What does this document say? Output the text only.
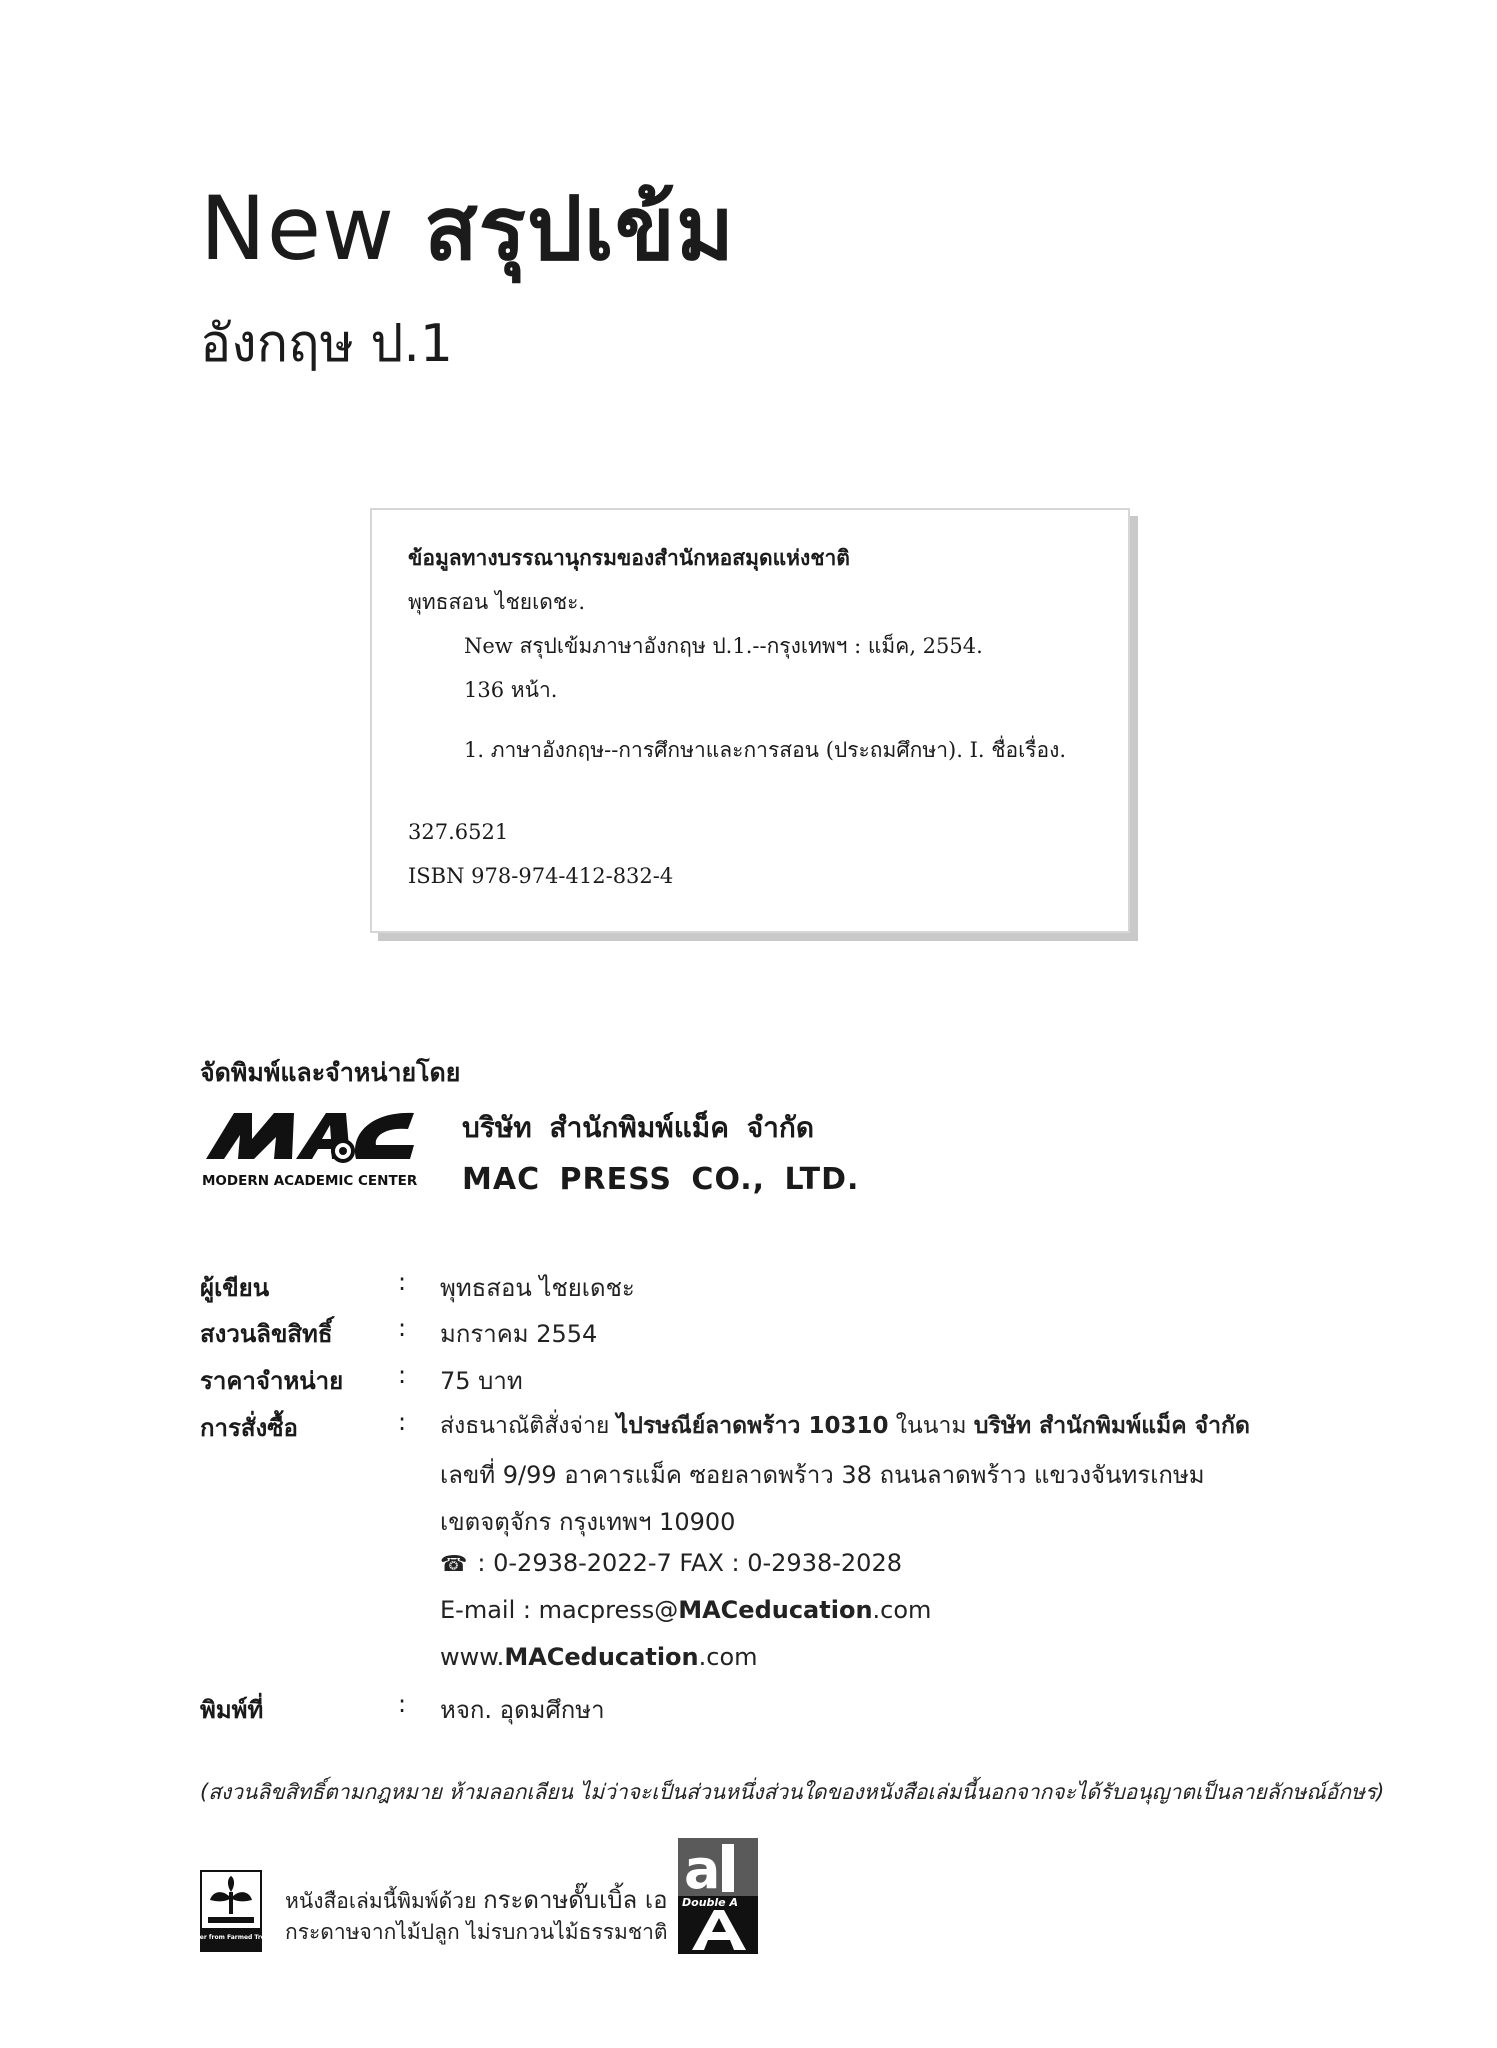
New สรุปเข้ม
อังกฤษ ป.1
ข้อมูลทางบรรณานุกรมของสำนักหอสมุดแห่งชาติ
พุทธสอน ไชยเดชะ.
New สรุปเข้มภาษาอังกฤษ ป.1.--กรุงเทพฯ : แม็ค, 2554.
136 หน้า.
1. ภาษาอังกฤษ--การศึกษาและการสอน (ประถมศึกษา). I. ชื่อเรื่อง.
327.6521
ISBN 978-974-412-832-4
จัดพิมพ์และจำหน่ายโดย
MODERN ACADEMIC CENTER
บริษัท สำนักพิมพ์แม็ค จำกัด
MAC PRESS CO., LTD.
ผู้เขียน	: พุทธสอน ไชยเดชะ
สงวนลิขสิทธิ์	: มกราคม 2554
ราคาจำหน่าย : 75 บาท
การสั่งซื้อ	: ส่งธนาณัติสั่งจ่าย ไปรษณีย์ลาดพร้าว 10310 ในนาม บริษัท สำนักพิมพ์แม็ค จำกัด
เลขที่ 9/99 อาคารแม็ค ซอยลาดพร้าว 38 ถนนลาดพร้าว แขวงจันทรเกษม
เขตจตุจักร กรุงเทพฯ 10900
☎ : 0-2938-2022-7 FAX : 0-2938-2028
E-mail : macpress@MACeducation.com
www.MACeducation.com
พิมพ์ที่	: หจก. อุดมศึกษา
(สงวนลิขสิทธิ์ตามกฎหมาย ห้ามลอกเลียน ไม่ว่าจะเป็นส่วนหนึ่งส่วนใดของหนังสือเล่มนี้นอกจากจะได้รับอนุญาตเป็นลายลักษณ์อักษร)
Paper from Farmed Trees.
หนังสือเล่มนี้พิมพ์ด้วย กระดาษดั๊บเบิ้ล เอ
กระดาษจากไม้ปลูก ไม่รบกวนไม้ธรรมชาติ
a
Double A
